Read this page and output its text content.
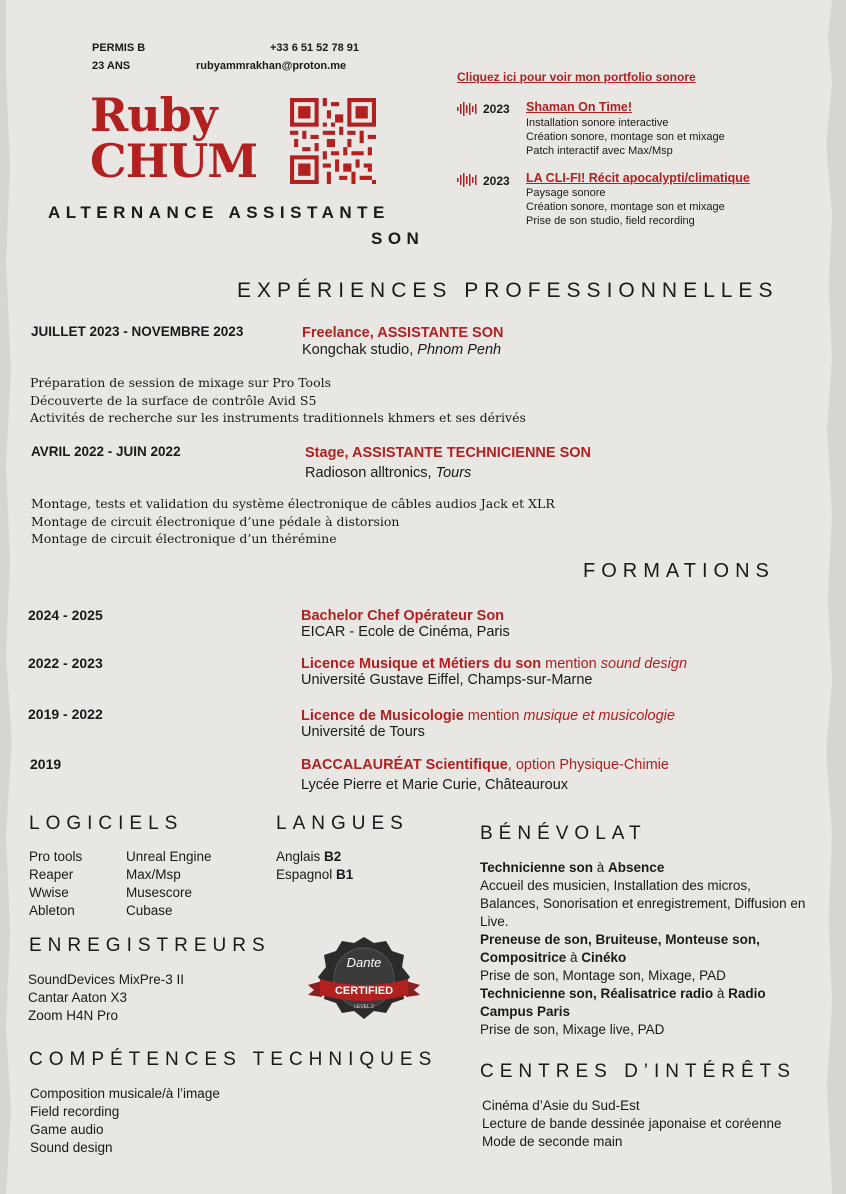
PERMIS B
23 ANS
+33 6 51 52 78 91
rubyammrakhan@proton.me
Ruby
CHUM
ALTERNANCE ASSISTANTE
SON
Cliquez ici pour voir mon portfolio sonore
2023 Shaman On Time!
Installation sonore interactive
Création sonore, montage son et mixage
Patch interactif avec Max/Msp
2023 LA CLI-FI! Récit apocalypti/climatique
Paysage sonore
Création sonore, montage son et mixage
Prise de son studio, field recording
EXPÉRIENCES PROFESSIONNELLES
JUILLET 2023 - NOVEMBRE 2023	Freelance, ASSISTANTE SON
Kongchak studio, Phnom Penh
Préparation de session de mixage sur Pro Tools
Découverte de la surface de contrôle Avid S5
Activités de recherche sur les instruments traditionnels khmers et ses dérivés
AVRIL 2022 - JUIN 2022	Stage, ASSISTANTE TECHNICIENNE SON
Radioson alltronics, Tours
Montage, tests et validation du système électronique de câbles audios Jack et XLR
Montage de circuit électronique d’une pédale à distorsion
Montage de circuit électronique d’un thérémine
FORMATIONS
2024 - 2025	Bachelor Chef Opérateur Son
EICAR - Ecole de Cinéma, Paris
2022 - 2023	Licence Musique et Métiers du son mention sound design
Université Gustave Eiffel, Champs-sur-Marne
2019 - 2022	Licence de Musicologie mention musique et musicologie
Université de Tours
2019	BACCALAURÉAT Scientifique, option Physique-Chimie
Lycée Pierre et Marie Curie, Châteauroux
LOGICIELS
Pro tools
Reaper
Wwise
Ableton
Unreal Engine
Max/Msp
Musescore
Cubase
LANGUES
Anglais B2
Espagnol B1
ENREGISTREURS
SoundDevices MixPre-3 II
Cantar Aaton X3
Zoom H4N Pro
Dante
CERTIFIED
LEVEL 2
COMPÉTENCES TECHNIQUES
Composition musicale/à l’image
Field recording
Game audio
Sound design
BÉNÉVOLAT
Technicienne son à Absence
Accueil des musicien, Installation des micros, Balances, Sonorisation et enregistrement, Diffusion en Live.
Preneuse de son, Bruiteuse, Monteuse son, Compositrice à Cinéko
Prise de son, Montage son, Mixage, PAD
Technicienne son, Réalisatrice radio à Radio Campus Paris
Prise de son, Mixage live, PAD
CENTRES D’INTÉRÊTS
Cinéma d’Asie du Sud-Est
Lecture de bande dessinée japonaise et coréenne
Mode de seconde main
